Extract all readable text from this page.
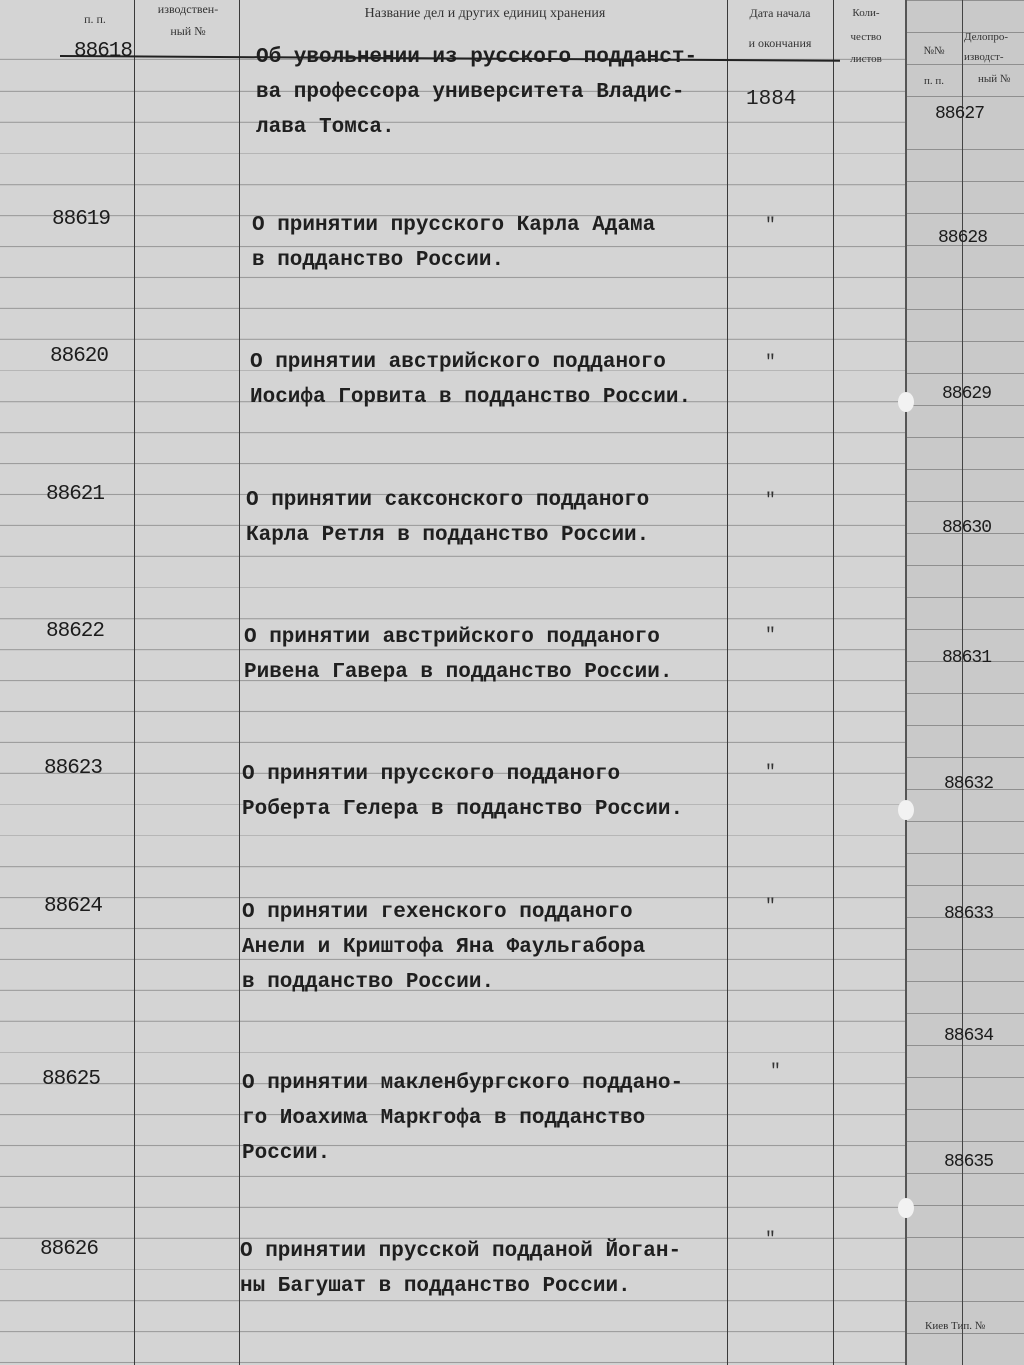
п. п.
изводствен-
ный №
Название дел и других единиц хранения	Дата начала
и окончания
Коли-
чество
листов
88618	Об увольнении из русского подданст-
ва профессора университета Владис-
лава Томса.
1884
88619	О принятии прусского Карла Адама
в подданство России.
"
88620	О принятии австрийского подданого
Иосифа Горвита в подданство России.
"
88621	О принятии саксонского подданого
Карла Ретля в подданство России.
"
88622	О принятии австрийского подданого
Ривена Гавера в подданство России.
"
88623	О принятии прусского подданого
Роберта Гелера в подданство России.
"
88624	О принятии гехенского подданого
Анели и Криштофа Яна Фаульгабора
в подданство России.
"
88625	О принятии макленбургского поддано-
го Иоахима Маркгофа в подданство
России.
"
88626	О принятии прусской подданой Йоган-
ны Багушат в подданство России.
"
№№
п. п.
Делопро-
изводст-
ный №
88627
88628
88629
88630
88631
88632
88633
88634
88635
Киев Тип. №
